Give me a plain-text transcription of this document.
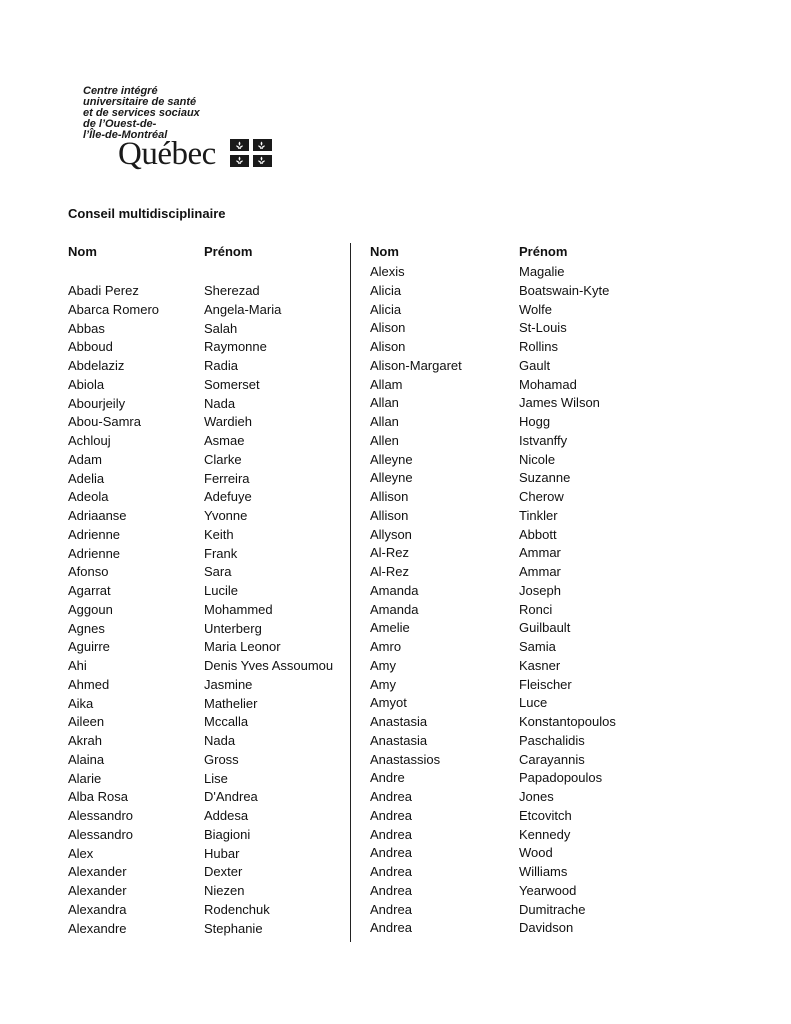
Centre intégré
universitaire de santé
et de services sociaux
de l’Ouest-de-
l’Île-de-Montréal
Québec
Conseil multidisciplinaire
Nom	Prénom	Nom	Prénom
Abadi Perez	Sherezad
Abarca Romero	Angela-Maria
Abbas	Salah
Abboud	Raymonne
Abdelaziz	Radia
Abiola	Somerset
Abourjeily	Nada
Abou-Samra	Wardieh
Achlouj	Asmae
Adam	Clarke
Adelia	Ferreira
Adeola	Adefuye
Adriaanse	Yvonne
Adrienne	Keith
Adrienne	Frank
Afonso	Sara
Agarrat	Lucile
Aggoun	Mohammed
Agnes	Unterberg
Aguirre	Maria Leonor
Ahi	Denis Yves Assoumou
Ahmed	Jasmine
Aika	Mathelier
Aileen	Mccalla
Akrah	Nada
Alaina	Gross
Alarie	Lise
Alba Rosa	D'Andrea
Alessandro	Addesa
Alessandro	Biagioni
Alex	Hubar
Alexander	Dexter
Alexander	Niezen
Alexandra	Rodenchuk
Alexandre	Stephanie
Alexis	Magalie
Alicia	Boatswain-Kyte
Alicia	Wolfe
Alison	St-Louis
Alison	Rollins
Alison-Margaret	Gault
Allam	Mohamad
Allan	James Wilson
Allan	Hogg
Allen	Istvanffy
Alleyne	Nicole
Alleyne	Suzanne
Allison	Cherow
Allison	Tinkler
Allyson	Abbott
Al-Rez	Ammar
Al-Rez	Ammar
Amanda	Joseph
Amanda	Ronci
Amelie	Guilbault
Amro	Samia
Amy	Kasner
Amy	Fleischer
Amyot	Luce
Anastasia	Konstantopoulos
Anastasia	Paschalidis
Anastassios	Carayannis
Andre	Papadopoulos
Andrea	Jones
Andrea	Etcovitch
Andrea	Kennedy
Andrea	Wood
Andrea	Williams
Andrea	Yearwood
Andrea	Dumitrache
Andrea	Davidson
